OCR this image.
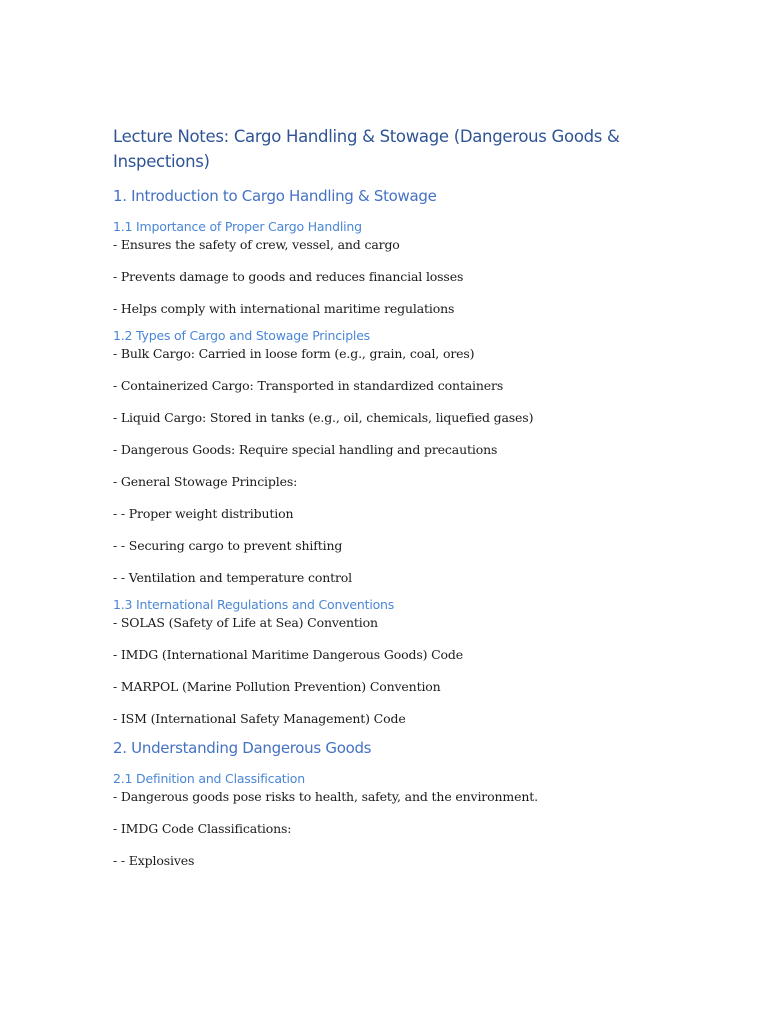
Lecture Notes: Cargo Handling & Stowage (Dangerous Goods & Inspections)
1. Introduction to Cargo Handling & Stowage
1.1 Importance of Proper Cargo Handling
- Ensures the safety of crew, vessel, and cargo
- Prevents damage to goods and reduces financial losses
- Helps comply with international maritime regulations
1.2 Types of Cargo and Stowage Principles
- Bulk Cargo: Carried in loose form (e.g., grain, coal, ores)
- Containerized Cargo: Transported in standardized containers
- Liquid Cargo: Stored in tanks (e.g., oil, chemicals, liquefied gases)
- Dangerous Goods: Require special handling and precautions
- General Stowage Principles:
- - Proper weight distribution
- - Securing cargo to prevent shifting
- - Ventilation and temperature control
1.3 International Regulations and Conventions
- SOLAS (Safety of Life at Sea) Convention
- IMDG (International Maritime Dangerous Goods) Code
- MARPOL (Marine Pollution Prevention) Convention
- ISM (International Safety Management) Code
2. Understanding Dangerous Goods
2.1 Definition and Classification
- Dangerous goods pose risks to health, safety, and the environment.
- IMDG Code Classifications:
- - Explosives
